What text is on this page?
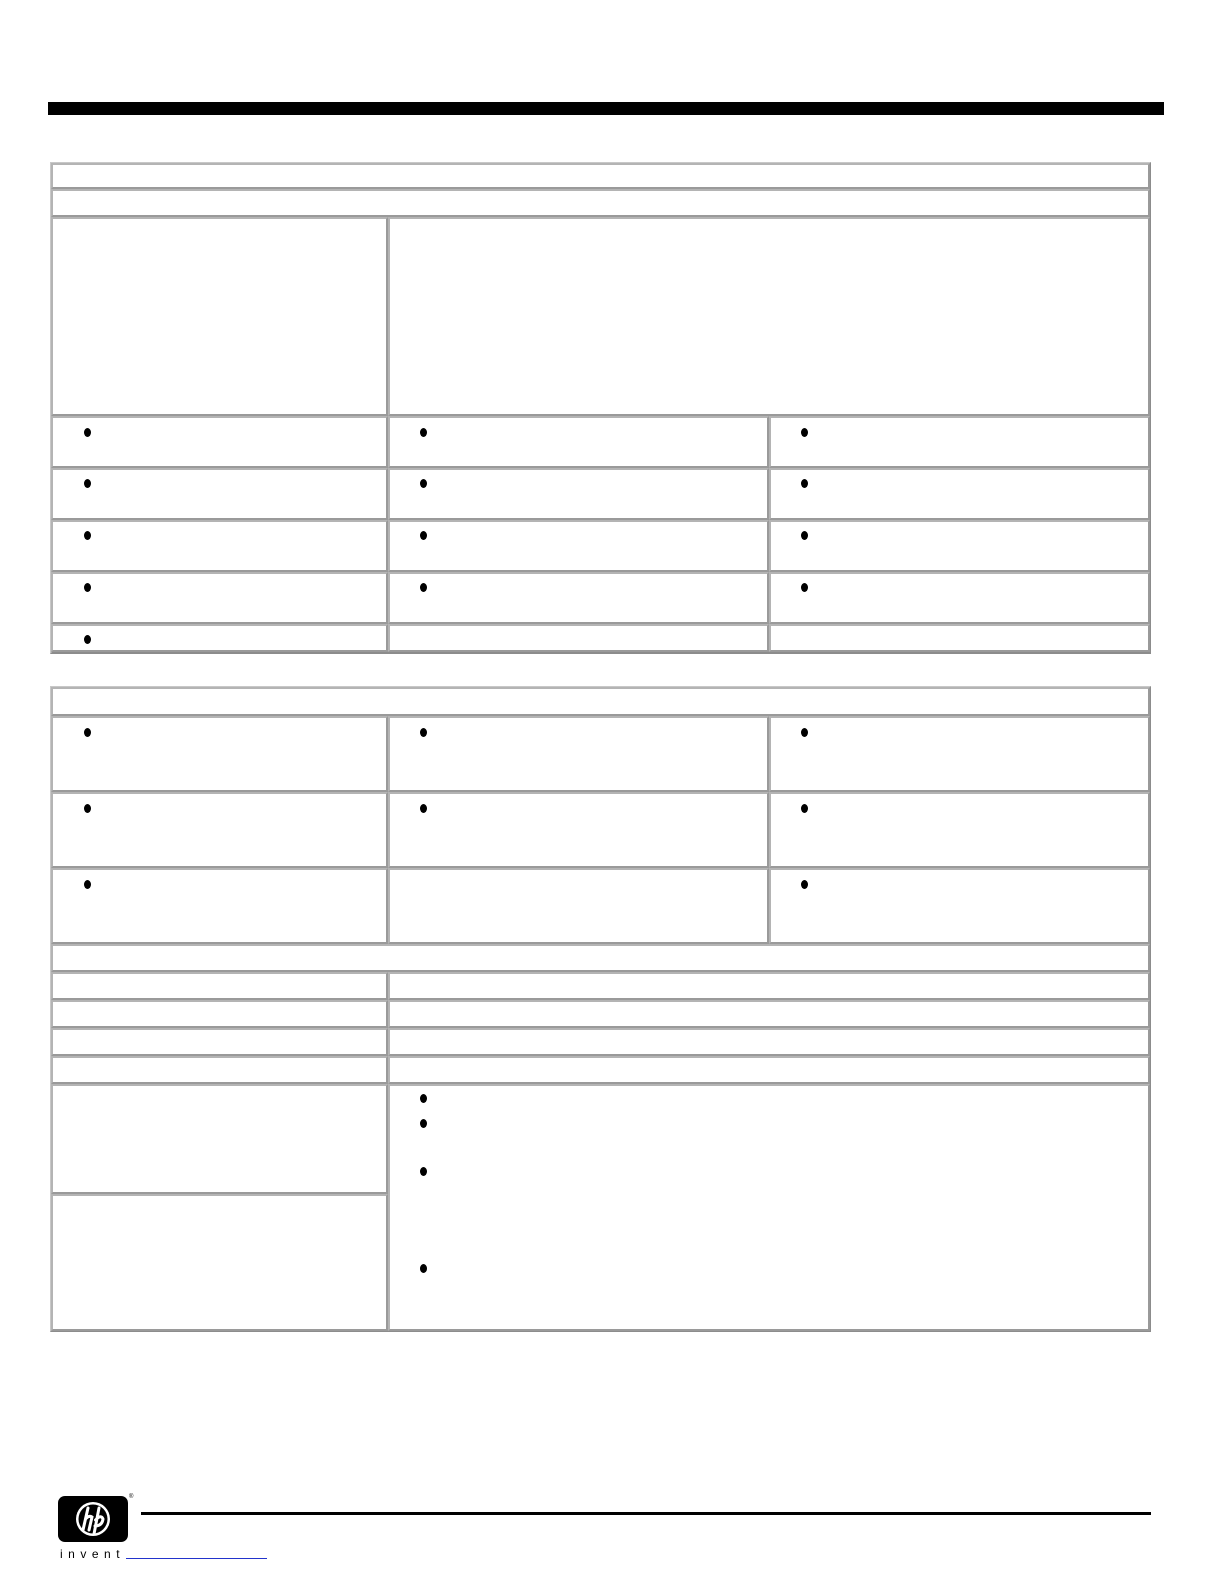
®
invent
